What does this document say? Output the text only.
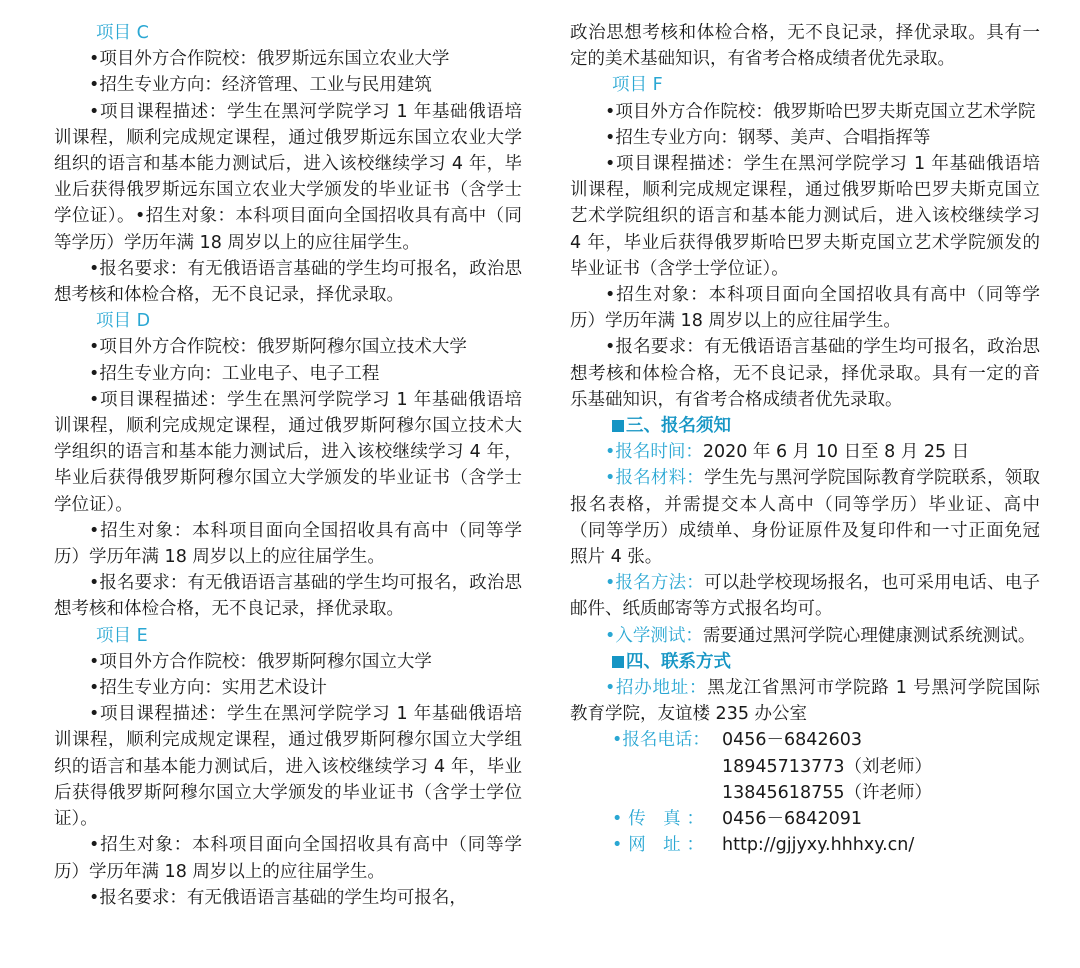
项目 C

•项目外方合作院校：俄罗斯远东国立农业大学

•招生专业方向：经济管理、工业与民用建筑

•项目课程描述：学生在黑河学院学习 1 年基础俄语培训课程，顺利完成规定课程，通过俄罗斯远东国立农业大学组织的语言和基本能力测试后，进入该校继续学习 4 年，毕业后获得俄罗斯远东国立农业大学颁发的毕业证书（含学士学位证）。•招生对象：本科项目面向全国招收具有高中（同等学历）学历年满 18 周岁以上的应往届学生。

•报名要求：有无俄语语言基础的学生均可报名，政治思想考核和体检合格，无不良记录，择优录取。

项目 D

•项目外方合作院校：俄罗斯阿穆尔国立技术大学

•招生专业方向：工业电子、电子工程

•项目课程描述：学生在黑河学院学习 1 年基础俄语培训课程，顺利完成规定课程，通过俄罗斯阿穆尔国立技术大学组织的语言和基本能力测试后，进入该校继续学习 4 年，毕业后获得俄罗斯阿穆尔国立大学颁发的毕业证书（含学士学位证）。

•招生对象：本科项目面向全国招收具有高中（同等学历）学历年满 18 周岁以上的应往届学生。

•报名要求：有无俄语语言基础的学生均可报名，政治思想考核和体检合格，无不良记录，择优录取。

项目 E

•项目外方合作院校：俄罗斯阿穆尔国立大学

•招生专业方向：实用艺术设计

•项目课程描述：学生在黑河学院学习 1 年基础俄语培训课程，顺利完成规定课程，通过俄罗斯阿穆尔国立大学组织的语言和基本能力测试后，进入该校继续学习 4 年，毕业后获得俄罗斯阿穆尔国立大学颁发的毕业证书（含学士学位证）。

•招生对象：本科项目面向全国招收具有高中（同等学历）学历年满 18 周岁以上的应往届学生。

•报名要求：有无俄语语言基础的学生均可报名，

政治思想考核和体检合格，无不良记录，择优录取。具有一定的美术基础知识，有省考合格成绩者优先录取。

项目 F

•项目外方合作院校：俄罗斯哈巴罗夫斯克国立艺术学院

•招生专业方向：钢琴、美声、合唱指挥等

•项目课程描述：学生在黑河学院学习 1 年基础俄语培训课程，顺利完成规定课程，通过俄罗斯哈巴罗夫斯克国立艺术学院组织的语言和基本能力测试后，进入该校继续学习 4 年，毕业后获得俄罗斯哈巴罗夫斯克国立艺术学院颁发的毕业证书（含学士学位证）。

•招生对象：本科项目面向全国招收具有高中（同等学历）学历年满 18 周岁以上的应往届学生。

•报名要求：有无俄语语言基础的学生均可报名，政治思想考核和体检合格，无不良记录，择优录取。具有一定的音乐基础知识，有省考合格成绩者优先录取。

三、报名须知

•报名时间：2020 年 6 月 10 日至 8 月 25 日

•报名材料：学生先与黑河学院国际教育学院联系，领取报名表格，并需提交本人高中（同等学历）毕业证、高中（同等学历）成绩单、身份证原件及复印件和一寸正面免冠照片 4 张。

•报名方法：可以赴学校现场报名，也可采用电话、电子邮件、纸质邮寄等方式报名均可。

•入学测试：需要通过黑河学院心理健康测试系统测试。

四、联系方式

•招办地址：黑龙江省黑河市学院路 1 号黑河学院国际教育学院，友谊楼 235 办公室

•报名电话： 0456－6842603
18945713773（刘老师）
13845618755（许老师）
•传 真：	0456－6842091
•网 址：	http://gjjyxy.hhhxy.cn/
